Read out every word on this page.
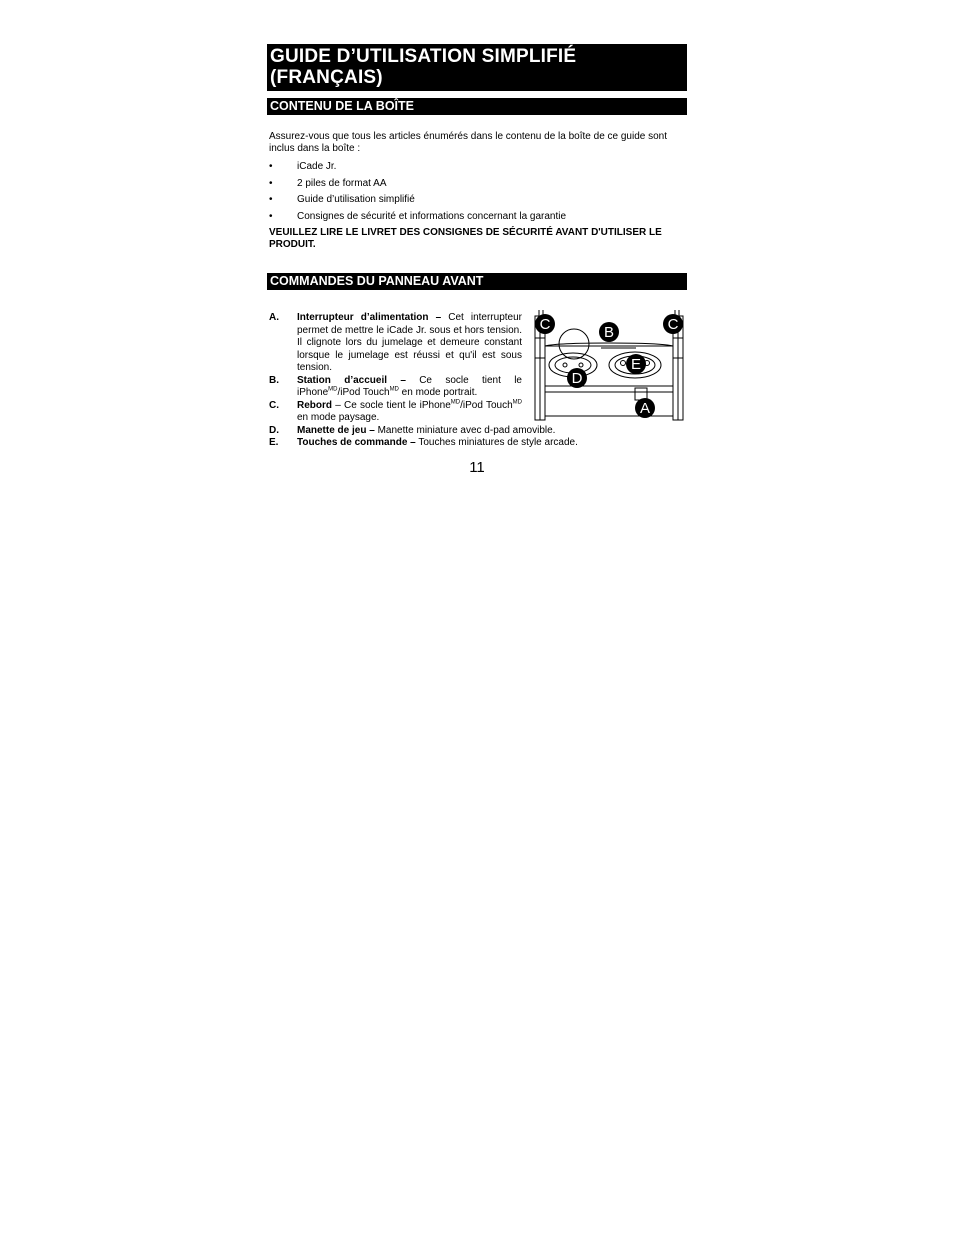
GUIDE D’UTILISATION SIMPLIFIÉ
(FRANÇAIS)
CONTENU DE LA BOÎTE

Assurez-vous que tous les articles énumérés dans le contenu de la boîte de ce guide sont inclus dans la boîte :

• iCade Jr.
• 2 piles de format AA
• Guide d’utilisation simplifié
• Consignes de sécurité et informations concernant la garantie

VEUILLEZ LIRE LE LIVRET DES CONSIGNES DE SÉCURITÉ AVANT D'UTILISER LE PRODUIT.

COMMANDES DU PANNEAU AVANT
A. Interrupteur d’alimentation – Cet interrupteur permet de mettre le iCade Jr. sous et hors tension. Il clignote lors du jumelage et demeure constant lorsque le jumelage est réussi et qu'il est sous tension.
B. Station d’accueil – Ce socle tient le iPhone$^{MD}$/iPod Touch$^{MD}$ en mode portrait.
C. Rebord – Ce socle tient le iPhone$^{MD}$/iPod Touch$^{MD}$ en mode paysage.
D. Manette de jeu – Manette miniature avec d-pad amovible.
E. Touches de commande – Touches miniatures de style arcade.
C	C
B
E
D
A
11
